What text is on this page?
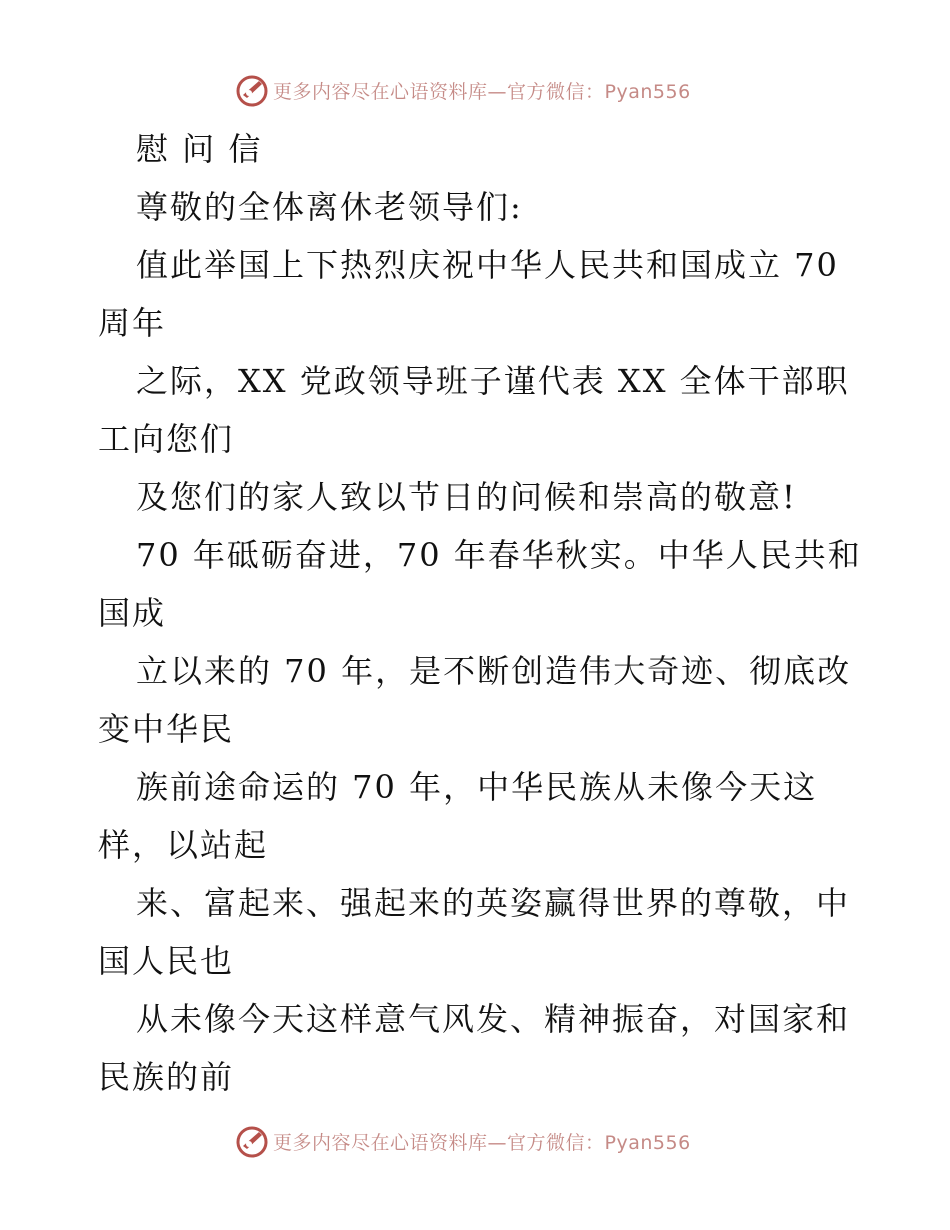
更多内容尽在心语资料库—官方微信：Pyan556
慰 问 信
尊敬的全体离休老领导们:
值此举国上下热烈庆祝中华人民共和国成立 70
周年
之际，XX 党政领导班子谨代表 XX 全体干部职
工向您们
及您们的家人致以节日的问候和崇高的敬意!
70 年砥砺奋进，70 年春华秋实。中华人民共和
国成
立以来的 70 年，是不断创造伟大奇迹、彻底改
变中华民
族前途命运的 70 年，中华民族从未像今天这
样，以站起
来、富起来、强起来的英姿赢得世界的尊敬，中
国人民也
从未像今天这样意气风发、精神振奋，对国家和
民族的前
更多内容尽在心语资料库—官方微信：Pyan556
